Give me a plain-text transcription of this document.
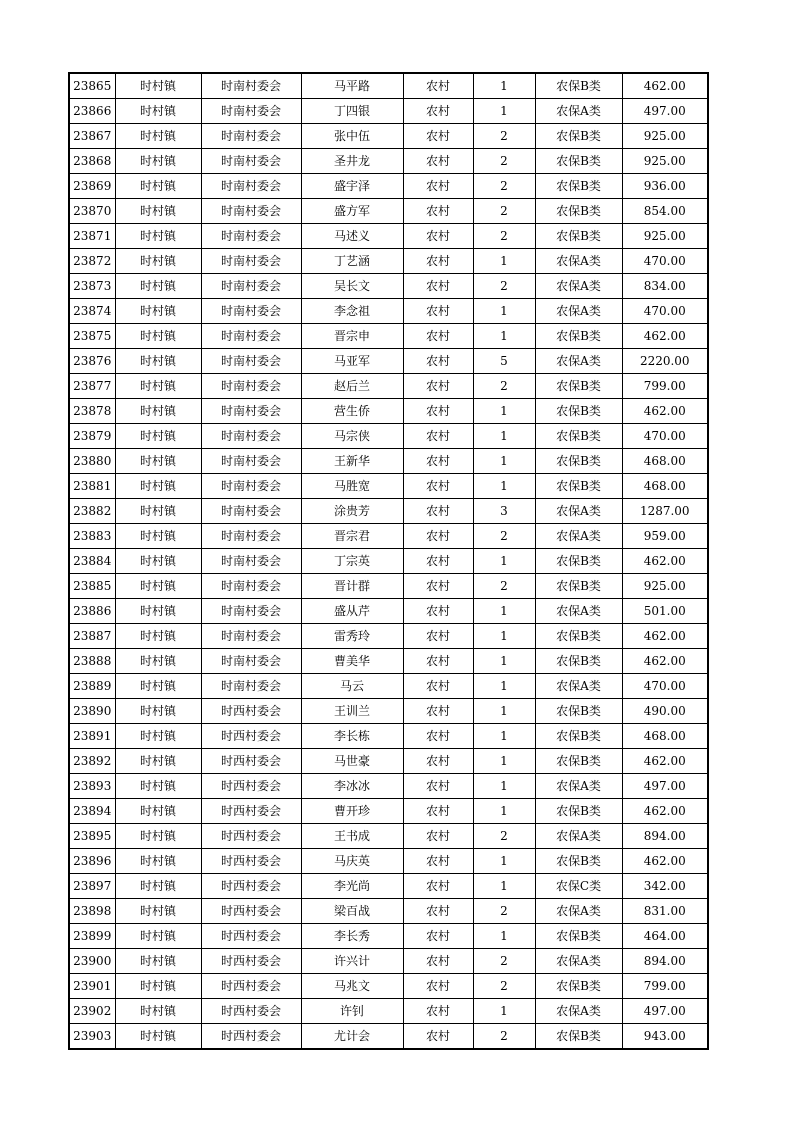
23865	时村镇	时南村委会	马平路	农村	1	农保B类	462.00
23866	时村镇	时南村委会	丁四银	农村	1	农保A类	497.00
23867	时村镇	时南村委会	张中伍	农村	2	农保B类	925.00
23868	时村镇	时南村委会	圣井龙	农村	2	农保B类	925.00
23869	时村镇	时南村委会	盛宇泽	农村	2	农保B类	936.00
23870	时村镇	时南村委会	盛方军	农村	2	农保B类	854.00
23871	时村镇	时南村委会	马述义	农村	2	农保B类	925.00
23872	时村镇	时南村委会	丁艺涵	农村	1	农保A类	470.00
23873	时村镇	时南村委会	吴长文	农村	2	农保A类	834.00
23874	时村镇	时南村委会	李念祖	农村	1	农保A类	470.00
23875	时村镇	时南村委会	晋宗申	农村	1	农保B类	462.00
23876	时村镇	时南村委会	马亚军	农村	5	农保A类	2220.00
23877	时村镇	时南村委会	赵后兰	农村	2	农保B类	799.00
23878	时村镇	时南村委会	营生侨	农村	1	农保B类	462.00
23879	时村镇	时南村委会	马宗侠	农村	1	农保B类	470.00
23880	时村镇	时南村委会	王新华	农村	1	农保B类	468.00
23881	时村镇	时南村委会	马胜宽	农村	1	农保B类	468.00
23882	时村镇	时南村委会	涂贵芳	农村	3	农保A类	1287.00
23883	时村镇	时南村委会	晋宗君	农村	2	农保A类	959.00
23884	时村镇	时南村委会	丁宗英	农村	1	农保B类	462.00
23885	时村镇	时南村委会	晋计群	农村	2	农保B类	925.00
23886	时村镇	时南村委会	盛从芹	农村	1	农保A类	501.00
23887	时村镇	时南村委会	雷秀玲	农村	1	农保B类	462.00
23888	时村镇	时南村委会	曹美华	农村	1	农保B类	462.00
23889	时村镇	时南村委会	马云	农村	1	农保A类	470.00
23890	时村镇	时西村委会	王训兰	农村	1	农保B类	490.00
23891	时村镇	时西村委会	李长栋	农村	1	农保B类	468.00
23892	时村镇	时西村委会	马世豪	农村	1	农保B类	462.00
23893	时村镇	时西村委会	李冰冰	农村	1	农保A类	497.00
23894	时村镇	时西村委会	曹开珍	农村	1	农保B类	462.00
23895	时村镇	时西村委会	王书成	农村	2	农保A类	894.00
23896	时村镇	时西村委会	马庆英	农村	1	农保B类	462.00
23897	时村镇	时西村委会	李光尚	农村	1	农保C类	342.00
23898	时村镇	时西村委会	梁百战	农村	2	农保A类	831.00
23899	时村镇	时西村委会	李长秀	农村	1	农保B类	464.00
23900	时村镇	时西村委会	许兴计	农村	2	农保A类	894.00
23901	时村镇	时西村委会	马兆文	农村	2	农保B类	799.00
23902	时村镇	时西村委会	许钊	农村	1	农保A类	497.00
23903	时村镇	时西村委会	尤计会	农村	2	农保B类	943.00
